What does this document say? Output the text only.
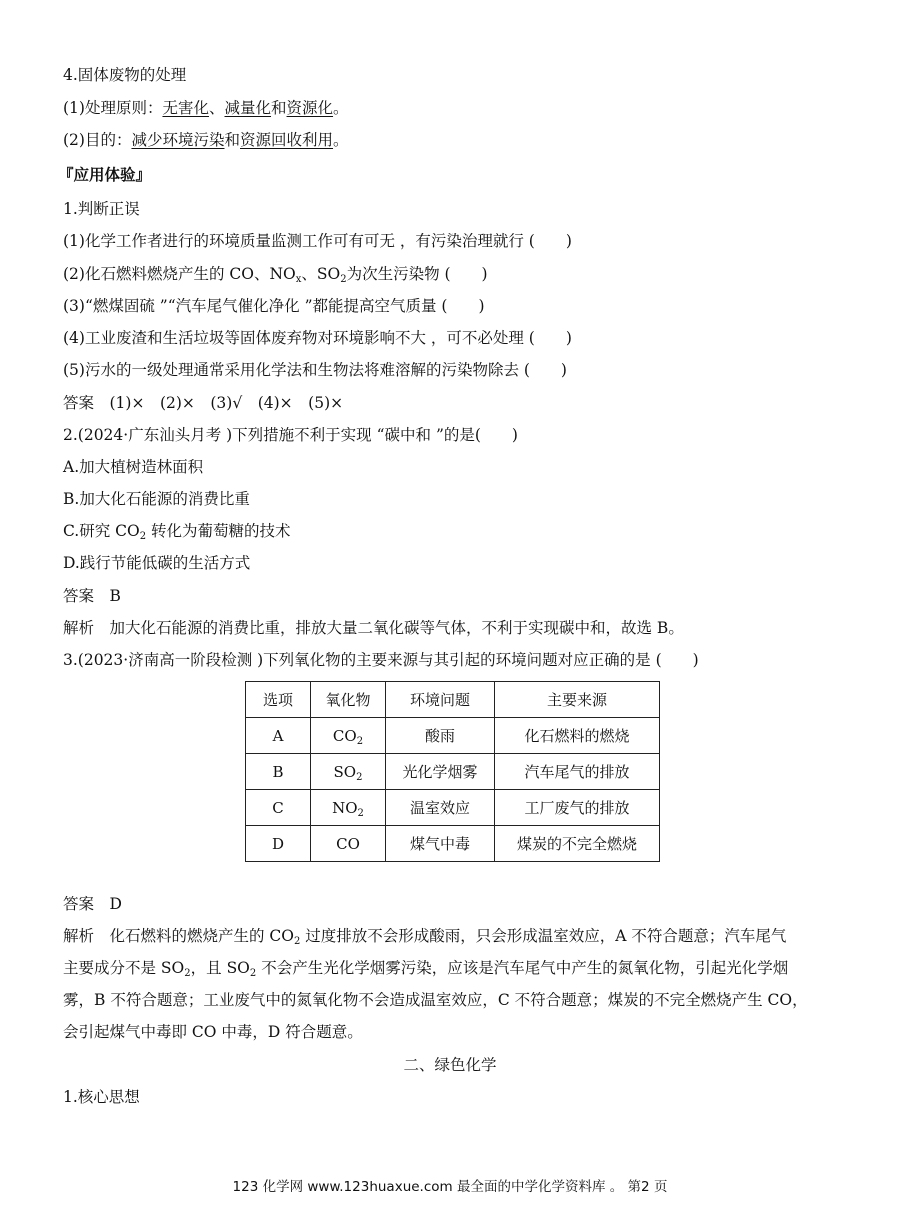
4.固体废物的处理
(1)处理原则：无害化、减量化和资源化。
(2)目的：减少环境污染和资源回收利用。
『应用体验』
1.判断正误
(1)化学工作者进行的环境质量监测工作可有可无 ，有污染治理就行 (　　)
(2)化石燃料燃烧产生的 CO、$NO_x$、$SO_2$为次生污染物 (　　)
(3)“燃煤固硫 ”“汽车尾气催化净化 ”都能提高空气质量 (　　)
(4)工业废渣和生活垃圾等固体废弃物对环境影响不大 ，可不必处理 (　　)
(5)污水的一级处理通常采用化学法和生物法将难溶解的污染物除去 (　　)
答案　(1)×　(2)×　(3)√　(4)×　(5)×
2.(2024·广东汕头月考 )下列措施不利于实现 “碳中和 ”的是(　　)
A.加大植树造林面积
B.加大化石能源的消费比重
C.研究 $CO_2$ 转化为葡萄糖的技术
D.践行节能低碳的生活方式
答案　B
解析　加大化石能源的消费比重，排放大量二氧化碳等气体，不利于实现碳中和，故选 B。
3.(2023·济南高一阶段检测 )下列氧化物的主要来源与其引起的环境问题对应正确的是 (　　)
选项	氧化物	环境问题	主要来源
A	$CO_2$	酸雨	化石燃料的燃烧
B	$SO_2$	光化学烟雾	汽车尾气的排放
C	$NO_2$	温室效应	工厂废气的排放
D	CO	煤气中毒	煤炭的不完全燃烧
答案　D
解析　化石燃料的燃烧产生的 $CO_2$ 过度排放不会形成酸雨，只会形成温室效应，A 不符合题意；汽车尾气
主要成分不是 $SO_2$，且 $SO_2$ 不会产生光化学烟雾污染，应该是汽车尾气中产生的氮氧化物，引起光化学烟
雾，B 不符合题意；工业废气中的氮氧化物不会造成温室效应，C 不符合题意；煤炭的不完全燃烧产生 CO，
会引起煤气中毒即 CO 中毒，D 符合题意。
二、绿色化学
1.核心思想
123 化学网 www.123huaxue.com 最全面的中学化学资料库 。 第2 页
